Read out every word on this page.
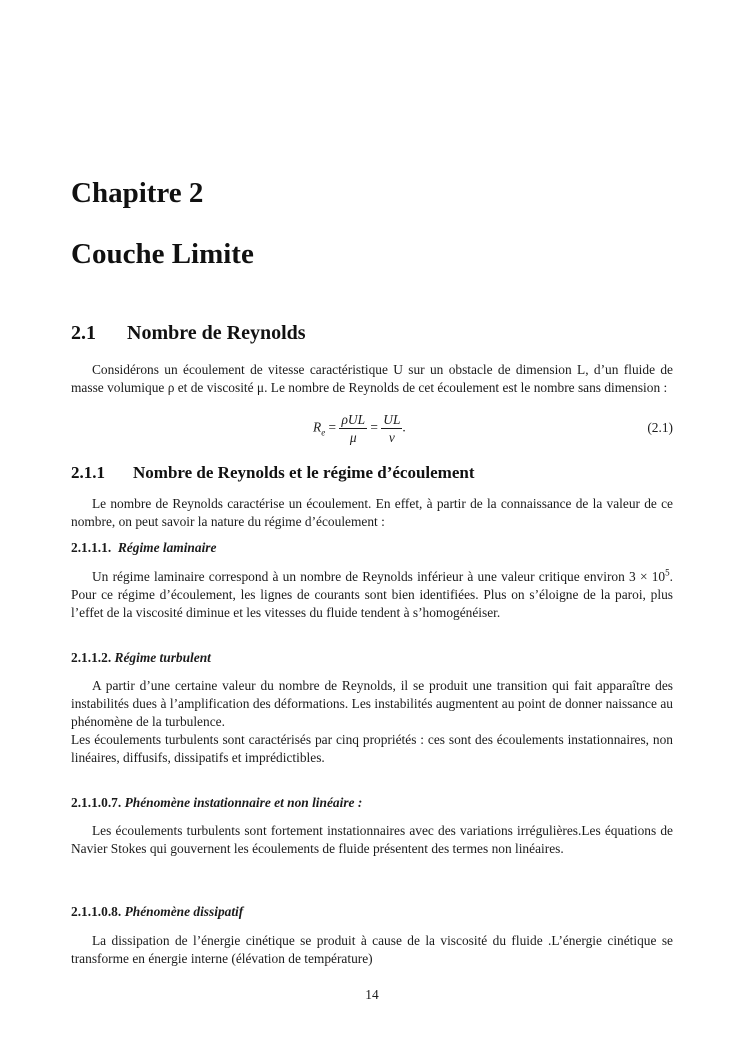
Chapitre 2
Couche Limite
2.1 Nombre de Reynolds
Considérons un écoulement de vitesse caractéristique U sur un obstacle de dimension L, d’un fluide de masse volumique ρ et de viscosité μ. Le nombre de Reynolds de cet écoulement est le nombre sans dimension :
$R_e = \frac{\text{ρUL}}{\mu} = \frac{UL}{\nu}$ .	(2.1)
2.1.1 Nombre de Reynolds et le régime d’écoulement
Le nombre de Reynolds caractérise un écoulement. En effet, à partir de la connaissance de la valeur de ce nombre, on peut savoir la nature du régime d’écoulement :
2.1.1.1. Régime laminaire
Un régime laminaire correspond à un nombre de Reynolds inférieur à une valeur critique environ $3 \times 10^5$. Pour ce régime d’écoulement, les lignes de courants sont bien identifiées. Plus on s’éloigne de la paroi, plus l’effet de la viscosité diminue et les vitesses du fluide tendent à s’homogénéiser.
2.1.1.2. Régime turbulent
A partir d’une certaine valeur du nombre de Reynolds, il se produit une transition qui fait apparaître des instabilités dues à l’amplification des déformations. Les instabilités augmentent au point de donner naissance au phénomène de la turbulence.
Les écoulements turbulents sont caractérisés par cinq propriétés : ces sont des écoulements instationnaires, non linéaires, diffusifs, dissipatifs et imprédictibles.
2.1.1.0.7. Phénomène instationnaire et non linéaire :
Les écoulements turbulents sont fortement instationnaires avec des variations irrégulières.Les équations de Navier Stokes qui gouvernent les écoulements de fluide présentent des termes non linéaires.
2.1.1.0.8. Phénomène dissipatif
La dissipation de l’énergie cinétique se produit à cause de la viscosité du fluide .L’énergie cinétique se transforme en énergie interne (élévation de température)
14
